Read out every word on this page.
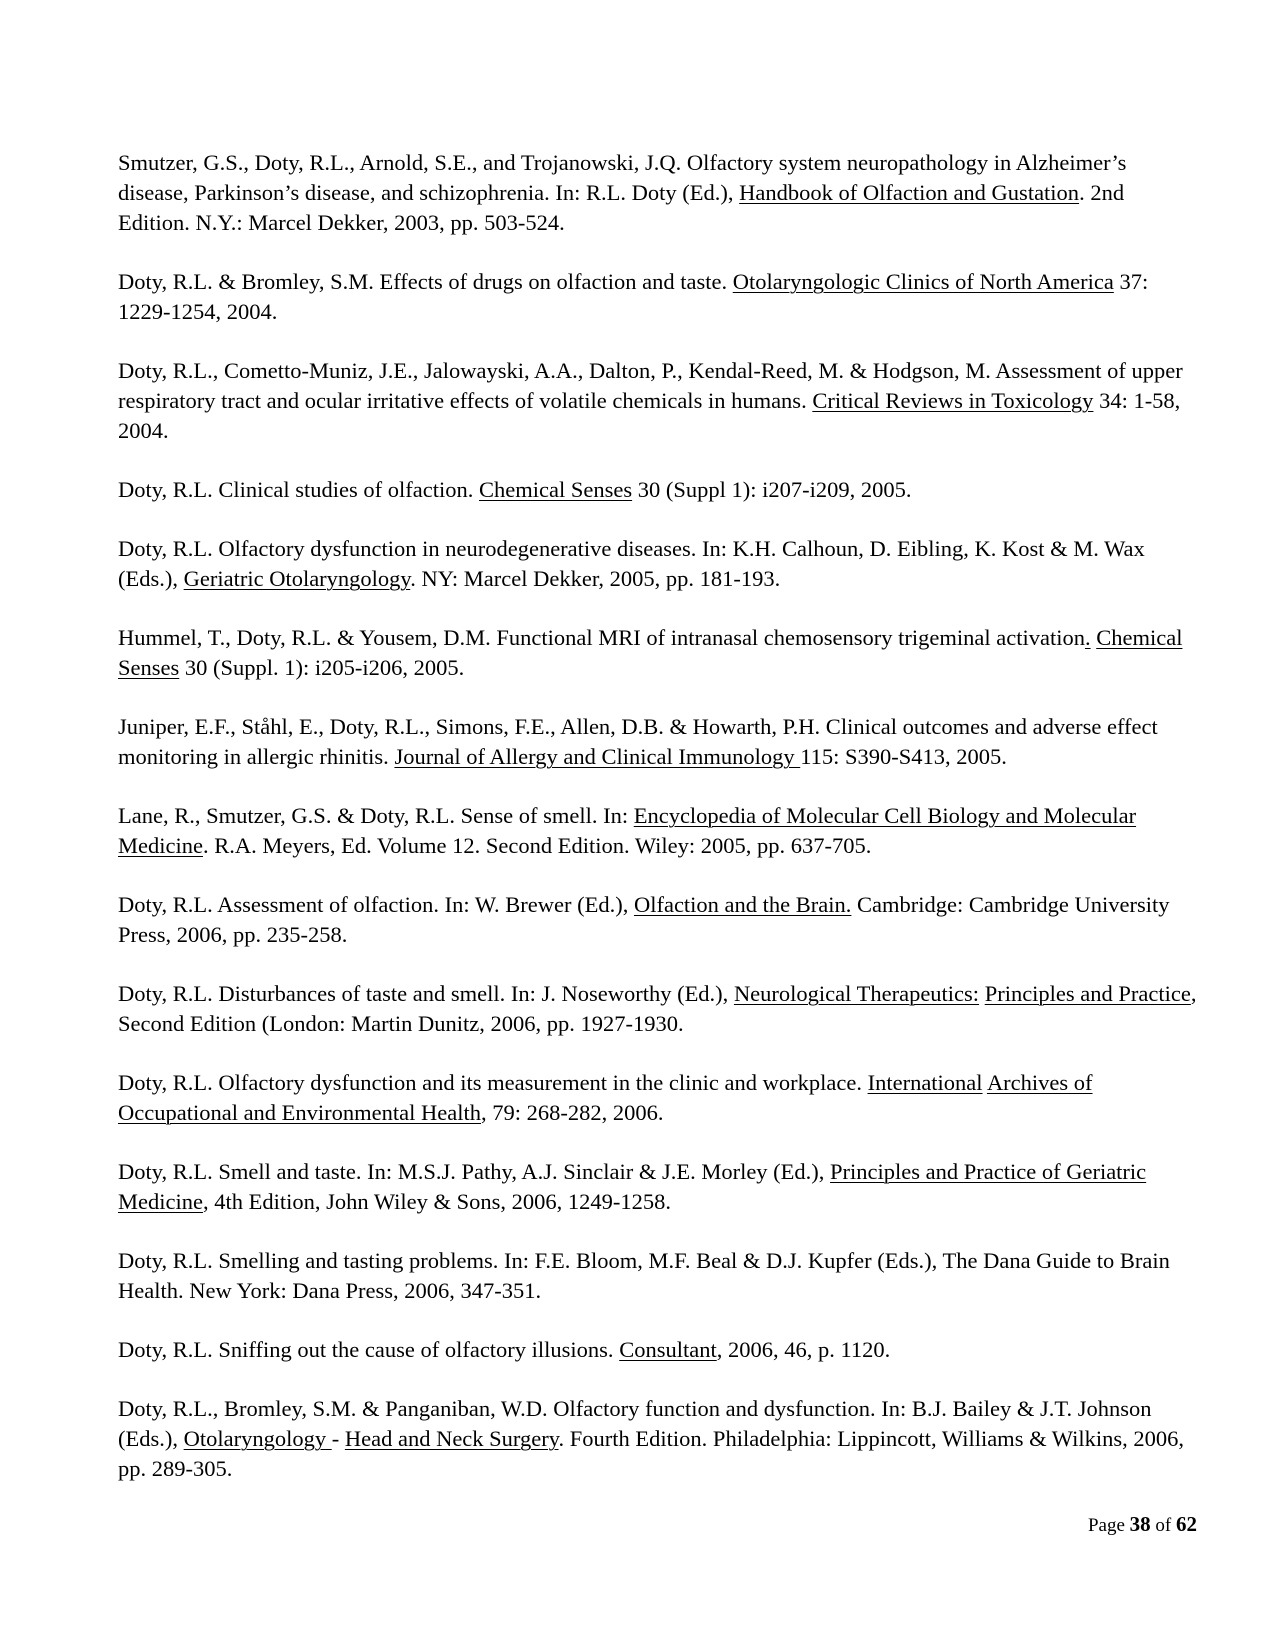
Smutzer, G.S., Doty, R.L., Arnold, S.E., and Trojanowski, J.Q. Olfactory system neuropathology in Alzheimer’s disease, Parkinson’s disease, and schizophrenia. In: R.L. Doty (Ed.), Handbook of Olfaction and Gustation. 2nd Edition. N.Y.: Marcel Dekker, 2003, pp. 503-524.

Doty, R.L. & Bromley, S.M. Effects of drugs on olfaction and taste. Otolaryngologic Clinics of North America 37: 1229-1254, 2004.

Doty, R.L., Cometto-Muniz, J.E., Jalowayski, A.A., Dalton, P., Kendal-Reed, M. & Hodgson, M. Assessment of upper respiratory tract and ocular irritative effects of volatile chemicals in humans. Critical Reviews in Toxicology 34: 1-58, 2004.

Doty, R.L. Clinical studies of olfaction. Chemical Senses 30 (Suppl 1): i207-i209, 2005.

Doty, R.L. Olfactory dysfunction in neurodegenerative diseases. In: K.H. Calhoun, D. Eibling, K. Kost & M. Wax (Eds.), Geriatric Otolaryngology. NY: Marcel Dekker, 2005, pp. 181-193.

Hummel, T., Doty, R.L. & Yousem, D.M. Functional MRI of intranasal chemosensory trigeminal activation. Chemical Senses 30 (Suppl. 1): i205-i206, 2005.

Juniper, E.F., Ståhl, E., Doty, R.L., Simons, F.E., Allen, D.B. & Howarth, P.H. Clinical outcomes and adverse effect monitoring in allergic rhinitis. Journal of Allergy and Clinical Immunology 115: S390-S413, 2005.

Lane, R., Smutzer, G.S. & Doty, R.L. Sense of smell. In: Encyclopedia of Molecular Cell Biology and Molecular Medicine. R.A. Meyers, Ed. Volume 12. Second Edition. Wiley: 2005, pp. 637-705.

Doty, R.L. Assessment of olfaction. In: W. Brewer (Ed.), Olfaction and the Brain. Cambridge: Cambridge University Press, 2006, pp. 235-258.

Doty, R.L. Disturbances of taste and smell. In: J. Noseworthy (Ed.), Neurological Therapeutics: Principles and Practice, Second Edition (London: Martin Dunitz, 2006, pp. 1927-1930.

Doty, R.L. Olfactory dysfunction and its measurement in the clinic and workplace. International Archives of Occupational and Environmental Health, 79: 268-282, 2006.

Doty, R.L. Smell and taste. In: M.S.J. Pathy, A.J. Sinclair & J.E. Morley (Ed.), Principles and Practice of Geriatric Medicine, 4th Edition, John Wiley & Sons, 2006, 1249-1258.

Doty, R.L. Smelling and tasting problems. In: F.E. Bloom, M.F. Beal & D.J. Kupfer (Eds.), The Dana Guide to Brain Health. New York: Dana Press, 2006, 347-351.

Doty, R.L. Sniffing out the cause of olfactory illusions. Consultant, 2006, 46, p. 1120.

Doty, R.L., Bromley, S.M. & Panganiban, W.D. Olfactory function and dysfunction. In: B.J. Bailey & J.T. Johnson (Eds.), Otolaryngology - Head and Neck Surgery. Fourth Edition. Philadelphia: Lippincott, Williams & Wilkins, 2006, pp. 289-305.

Page 38 of 62
